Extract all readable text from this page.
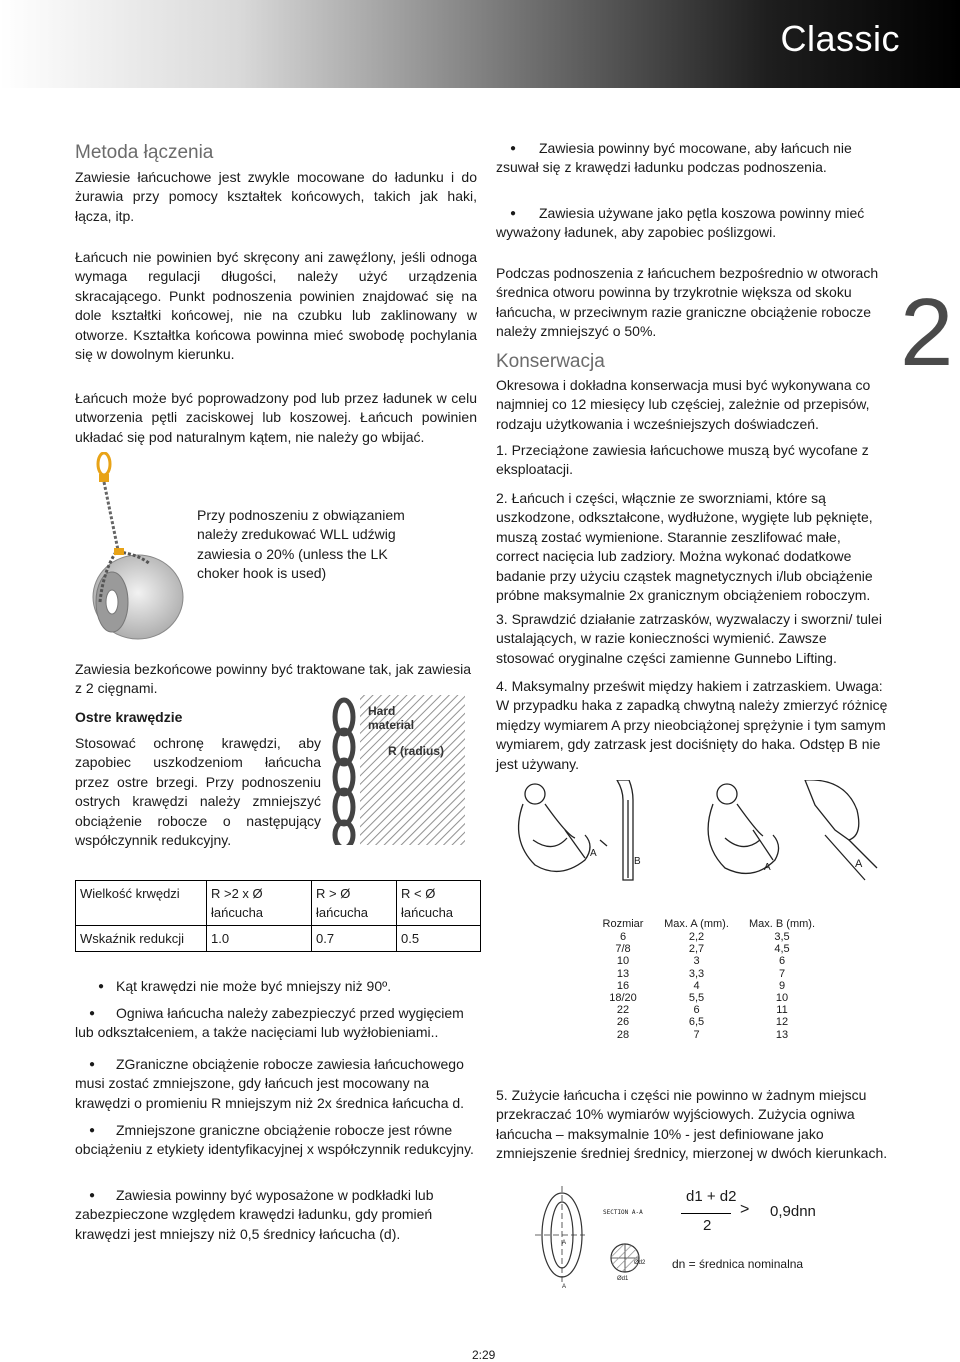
Classic
2
Metoda łączenia
Zawiesie łańcuchowe jest zwykle mocowane do ładunku i do żurawia przy pomocy kształtek końcowych, takich jak haki, łącza, itp.
Łańcuch nie powinien być skręcony ani zawęźlony, jeśli odnoga wymaga regulacji długości, należy użyć urządzenia skracającego. Punkt podnoszenia powinien znajdować się na dole kształtki końcowej, nie na czubku lub zaklinowany w otworze. Kształtka końcowa powinna mieć swobodę pochylania się w dowolnym kierunku.
Łańcuch może być poprowadzony pod lub przez ładunek w celu utworzenia pętli zaciskowej lub koszowej. Łańcuch powinien układać się pod naturalnym kątem, nie należy go wbijać.
Przy podnoszeniu z obwiązaniem należy zredukować WLL udźwig zawiesia o 20% (unless the LK choker hook is used)
Zawiesia bezkońcowe powinny być traktowane tak, jak zawiesia z 2 cięgnami.
Ostre krawędzie
Stosować ochronę krawędzi, aby zapobiec uszkodzeniom łańcucha przez ostre brzegi. Przy podnoszeniu ostrych krawędzi należy zmniejszyć obciążenie robocze o następujący współczynnik redukcyjny.
Hard material
R (radius)
Wielkość krwędzi	R >2 x Ø łańcucha	R > Ø łańcucha	R < Ø łańcucha
Wskaźnik redukcji	1.0	0.7	0.5
● Kąt krawędzi nie może być mniejszy niż 90º.
● Ogniwa łańcucha należy zabezpieczyć przed wygięciem lub odkształceniem, a także nacięciami lub wyżłobieniami..
● ZGraniczne obciążenie robocze zawiesia łańcuchowego musi zostać zmniejszone, gdy łańcuch jest mocowany na krawędzi o promieniu R mniejszym niż 2x średnica łańcucha d.
● Zmniejszone graniczne obciążenie robocze jest równe obciążeniu z etykiety identyfikacyjnej x współczynnik redukcyjny.
● Zawiesia powinny być wyposażone w podkładki lub zabezpieczone względem krawędzi ładunku, gdy promień krawędzi jest mniejszy niż 0,5 średnicy łańcucha (d).
● Zawiesia powinny być mocowane, aby łańcuch nie zsuwał się z krawędzi ładunku podczas podnoszenia.
● Zawiesia używane jako pętla koszowa powinny mieć wyważony ładunek, aby zapobiec poślizgowi.
Podczas podnoszenia z łańcuchem bezpośrednio w otworach średnica otworu powinna by trzykrotnie większa od skoku łańcucha, w przeciwnym razie graniczne obciążenie robocze należy zmniejszyć o 50%.
Konserwacja
Okresowa i dokładna konserwacja musi być wykonywana co najmniej co 12 miesięcy lub częściej, zależnie od przepisów, rodzaju użytkowania i wcześniejszych doświadczeń.
1. Przeciążone zawiesia łańcuchowe muszą być wycofane z eksploatacji.
2. Łańcuch i części, włącznie ze sworzniami, które są uszkodzone, odkształcone, wydłużone, wygięte lub pęknięte, muszą zostać wymienione. Starannie zeszlifować małe, correct nacięcia lub zadziory. Można wykonać dodatkowe badanie przy użyciu cząstek magnetycznych i/lub obciążenie próbne maksymalnie 2x granicznym obciążeniem roboczym.
3. Sprawdzić działanie zatrzasków, wyzwalaczy i sworzni/ tulei ustalających, w razie konieczności wymienić. Zawsze stosować oryginalne części zamienne Gunnebo Lifting.
4. Maksymalny prześwit między hakiem i zatrzaskiem. Uwaga: W przypadku haka z zapadką chwytną należy zmierzyć różnicę między wymiarem A przy nieobciążonej sprężynie i tym samym wymiarem, gdy zatrzask jest dociśnięty do haka. Odstęp B nie jest używany.
A
B
A	A
Rozmiar	Max. A (mm).	Max. B (mm).
6	2,2	3,5
7/8	2,7	4,5
10	3	6
13	3,3	7
16	4	9
18/20	5,5	10
22	6	11
26	6,5	12
28	7	13
5. Zużycie łańcucha i części nie powinno w żadnym miejscu przekraczać 10% wymiarów wyjściowych. Zużycia ogniwa łańcucha – maksymalnie 10% - jest definiowane jako zmniejszenie średniej średnicy, mierzonej w dwóch kierunkach.
SECTION A-A
A
A
Ød1
Ød2
d1 + d2
2
> 0,9dnn
dn = średnica nominalna
2:29
